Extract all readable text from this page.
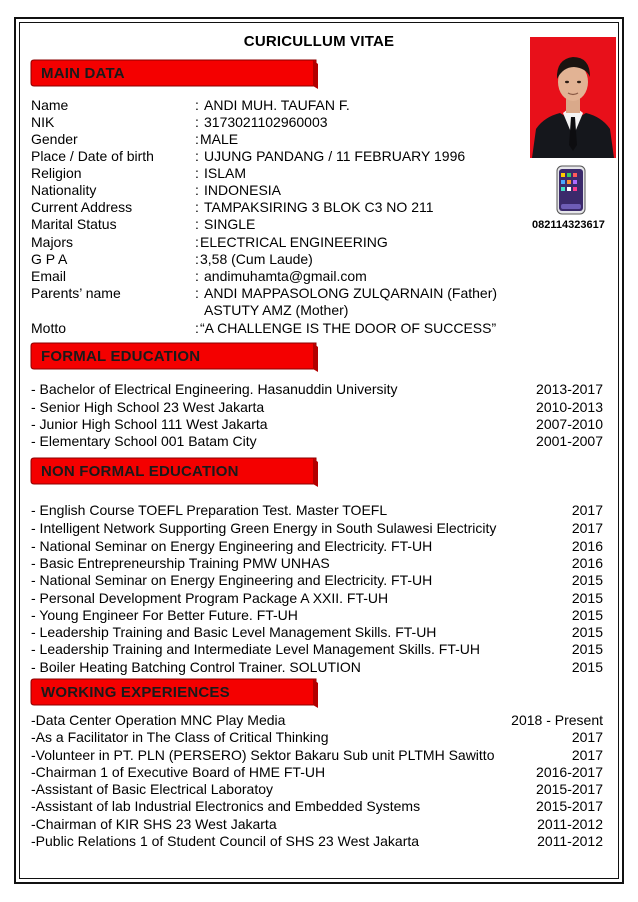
CURICULLUM VITAE
082114323617
MAIN DATA
FORMAL EDUCATION
NON FORMAL EDUCATION
WORKING EXPERIENCES
Name	: ANDI MUH. TAUFAN F.
NIK	: 3173021102960003
Gender	: MALE
Place / Date of birth	: UJUNG PANDANG / 11 FEBRUARY 1996
Religion	: ISLAM
Nationality	: INDONESIA
Current Address	: TAMPAKSIRING 3 BLOK C3 NO 211
Marital Status	: SINGLE
Majors	: ELECTRICAL ENGINEERING
G P A	: 3,58 (Cum Laude)
Email	: andimuhamta@gmail.com
Parents’ name	: ANDI MAPPASOLONG ZULQARNAIN (Father)
ASTUTY AMZ (Mother)
Motto	: “A CHALLENGE IS THE DOOR OF SUCCESS”
- Bachelor of Electrical Engineering. Hasanuddin University	2013-2017
- Senior High School 23 West Jakarta	2010-2013
- Junior High School 111 West Jakarta	2007-2010
- Elementary School 001 Batam City	2001-2007
- English Course TOEFL Preparation Test. Master TOEFL	2017
- Intelligent Network Supporting Green Energy in South Sulawesi Electricity	2017
- National Seminar on Energy Engineering and Electricity. FT-UH	2016
- Basic Entrepreneurship Training PMW UNHAS	2016
- National Seminar on Energy Engineering and Electricity. FT-UH	2015
- Personal Development Program Package A XXII. FT-UH	2015
- Young Engineer For Better Future. FT-UH	2015
- Leadership Training and Basic Level Management Skills. FT-UH	2015
- Leadership Training and Intermediate Level Management Skills. FT-UH	2015
- Boiler Heating Batching Control Trainer. SOLUTION	2015
-Data Center Operation MNC Play Media	2018 - Present
-As a Facilitator in The Class of Critical Thinking	2017
-Volunteer in PT. PLN (PERSERO) Sektor Bakaru Sub unit PLTMH Sawitto	2017
-Chairman 1 of Executive Board of HME FT-UH	2016-2017
-Assistant of Basic Electrical Laboratoy	2015-2017
-Assistant of lab Industrial Electronics and Embedded Systems	2015-2017
-Chairman of KIR SHS 23 West Jakarta	2011-2012
-Public Relations 1 of Student Council of SHS 23 West Jakarta	2011-2012
